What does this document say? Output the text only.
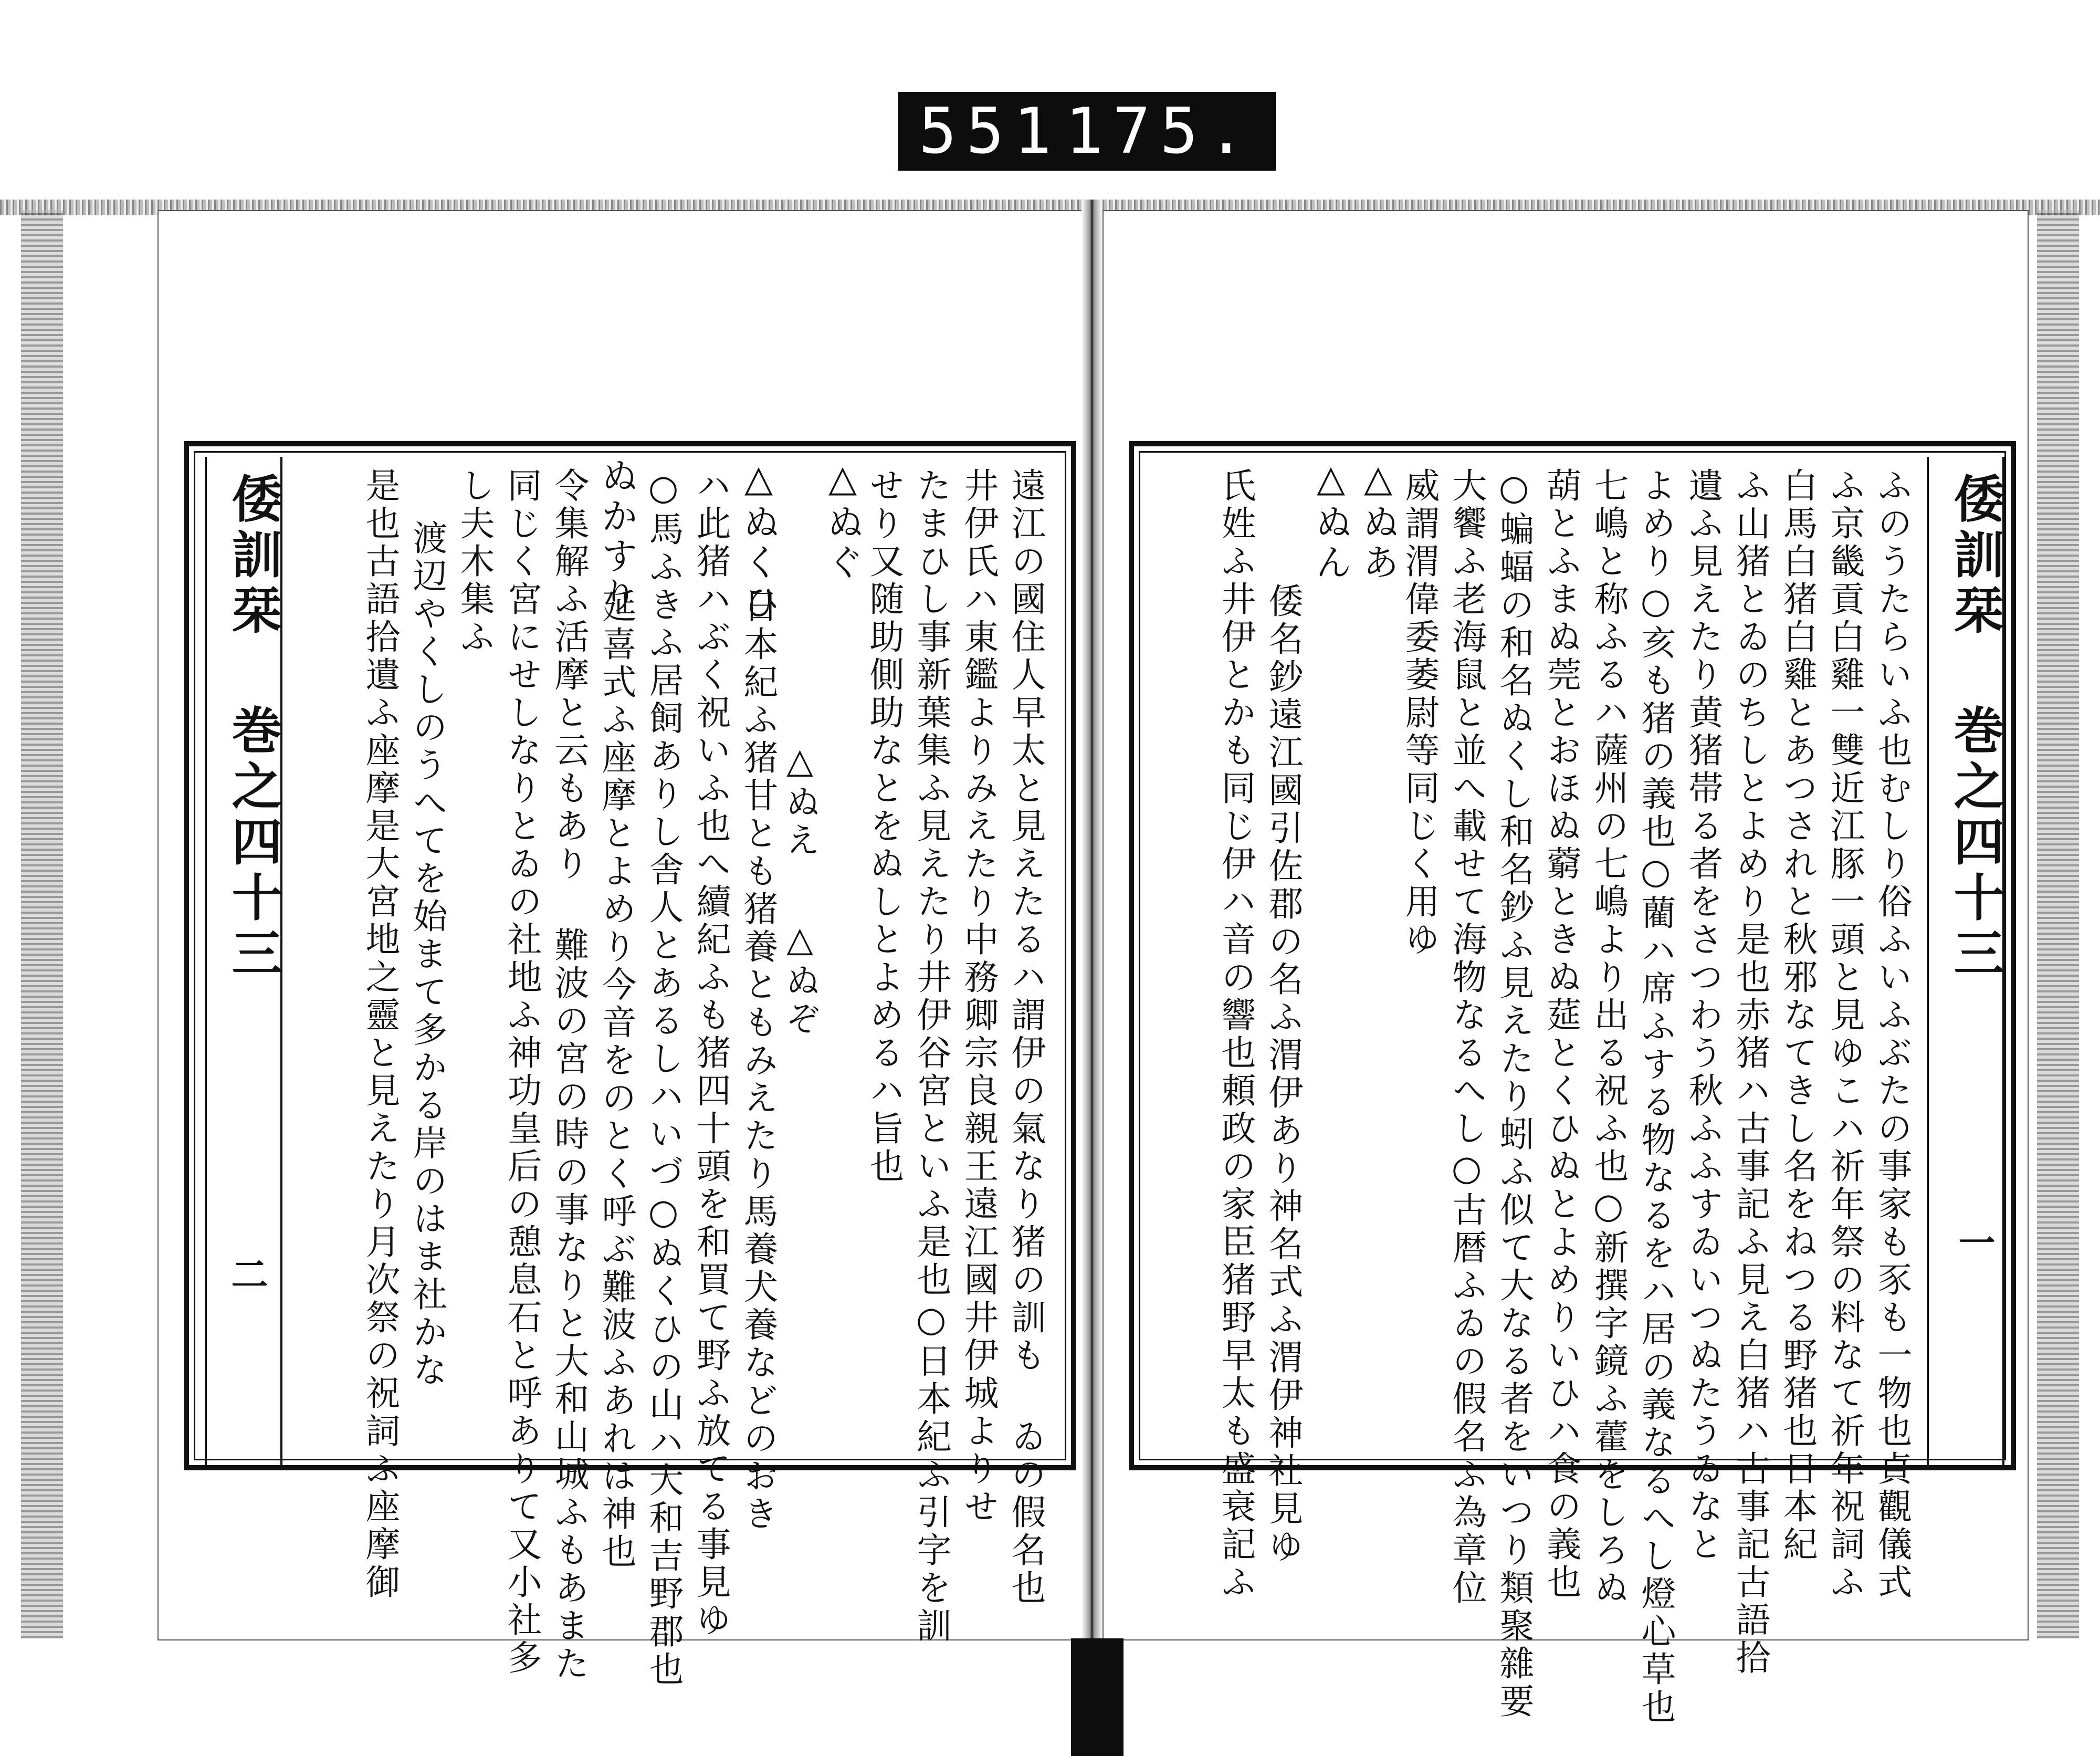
551 175.
倭訓栞 巻之四十三
二	遠江の國住人早太と見えたるハ謂伊の氣なり猪の訓も ゐの假名也
井伊氏ハ東鑑よりみえたり中務卿宗良親王遠江國井伊城よりせ
たまひし事新葉集ふ見えたり井伊谷宮といふ是也○日本紀ふ引字を訓
せり又随助側助なとをぬしとよめるハ旨也
△ぬぐ
△ぬえ
△ぬぞ
△ぬくひ
日本紀ふ猪甘とも猪養ともみえたり馬養犬養などのおき
ハ此猪ハぶく祝いふ也へ續紀ふも猪四十頭を和買て野ふ放てる事見ゆ
○馬ふきふ居飼ありし舎人とあるしハいづ○ぬくひの山ハ大和吉野郡也
ぬかすり
延喜式ふ座摩とよめり今音をのとく呼ぶ難波ふあれは神也
令集解ふ活摩と云もあり 難波の宮の時の事なりと大和山城ふもあまた
同じく宮にせしなりとゐの社地ふ神功皇后の憩息石と呼ありて又小社多
し夫木集ふ
渡辺やくしのうへてを始まて多かる岸のはま社かな
是也古語拾遺ふ座摩是大宮地之靈と見えたり月次祭の祝詞ふ座摩御	倭訓栞 巻之四十三
一
ふのうたらいふ也むしり俗ふいふぶたの事家も豕も一物也貞觀儀式
ふ京畿貢白雞一雙近江豚一頭と見ゆこハ祈年祭の料なて祈年祝詞ふ
白馬白猪白雞とあつされと秋邪なてきし名をねつる野猪也日本紀
ふ山猪とゐのちしとよめり是也赤猪ハ古事記ふ見え白猪ハ古事記古語拾
遺ふ見えたり黄猪帯る者をさつわう秋ふふすゐいつぬたうゐなと
よめり○亥も猪の義也○藺ハ席ふする物なるをハ居の義なるへし燈心草也
七嶋と称ふるハ薩州の七嶋より出る祝ふ也○新撰字鏡ふ藿をしろぬ
葫とふまぬ莞とおほぬ藭ときぬ莚とくひぬとよめりいひハ食の義也
○蝙蝠の和名ぬくし和名鈔ふ見えたり蚓ふ似て大なる者をいつり類聚雜要
大饗ふ老海鼠と並へ載せて海物なるへし○古暦ふゐの假名ふ為章位
威謂渭偉委萎尉等同じく用ゆ
△ぬあ
△ぬん
倭名鈔遠江國引佐郡の名ふ渭伊あり神名式ふ渭伊神社見ゆ
氏姓ふ井伊とかも同じ伊ハ音の響也頼政の家臣猪野早太も盛衰記ふ
